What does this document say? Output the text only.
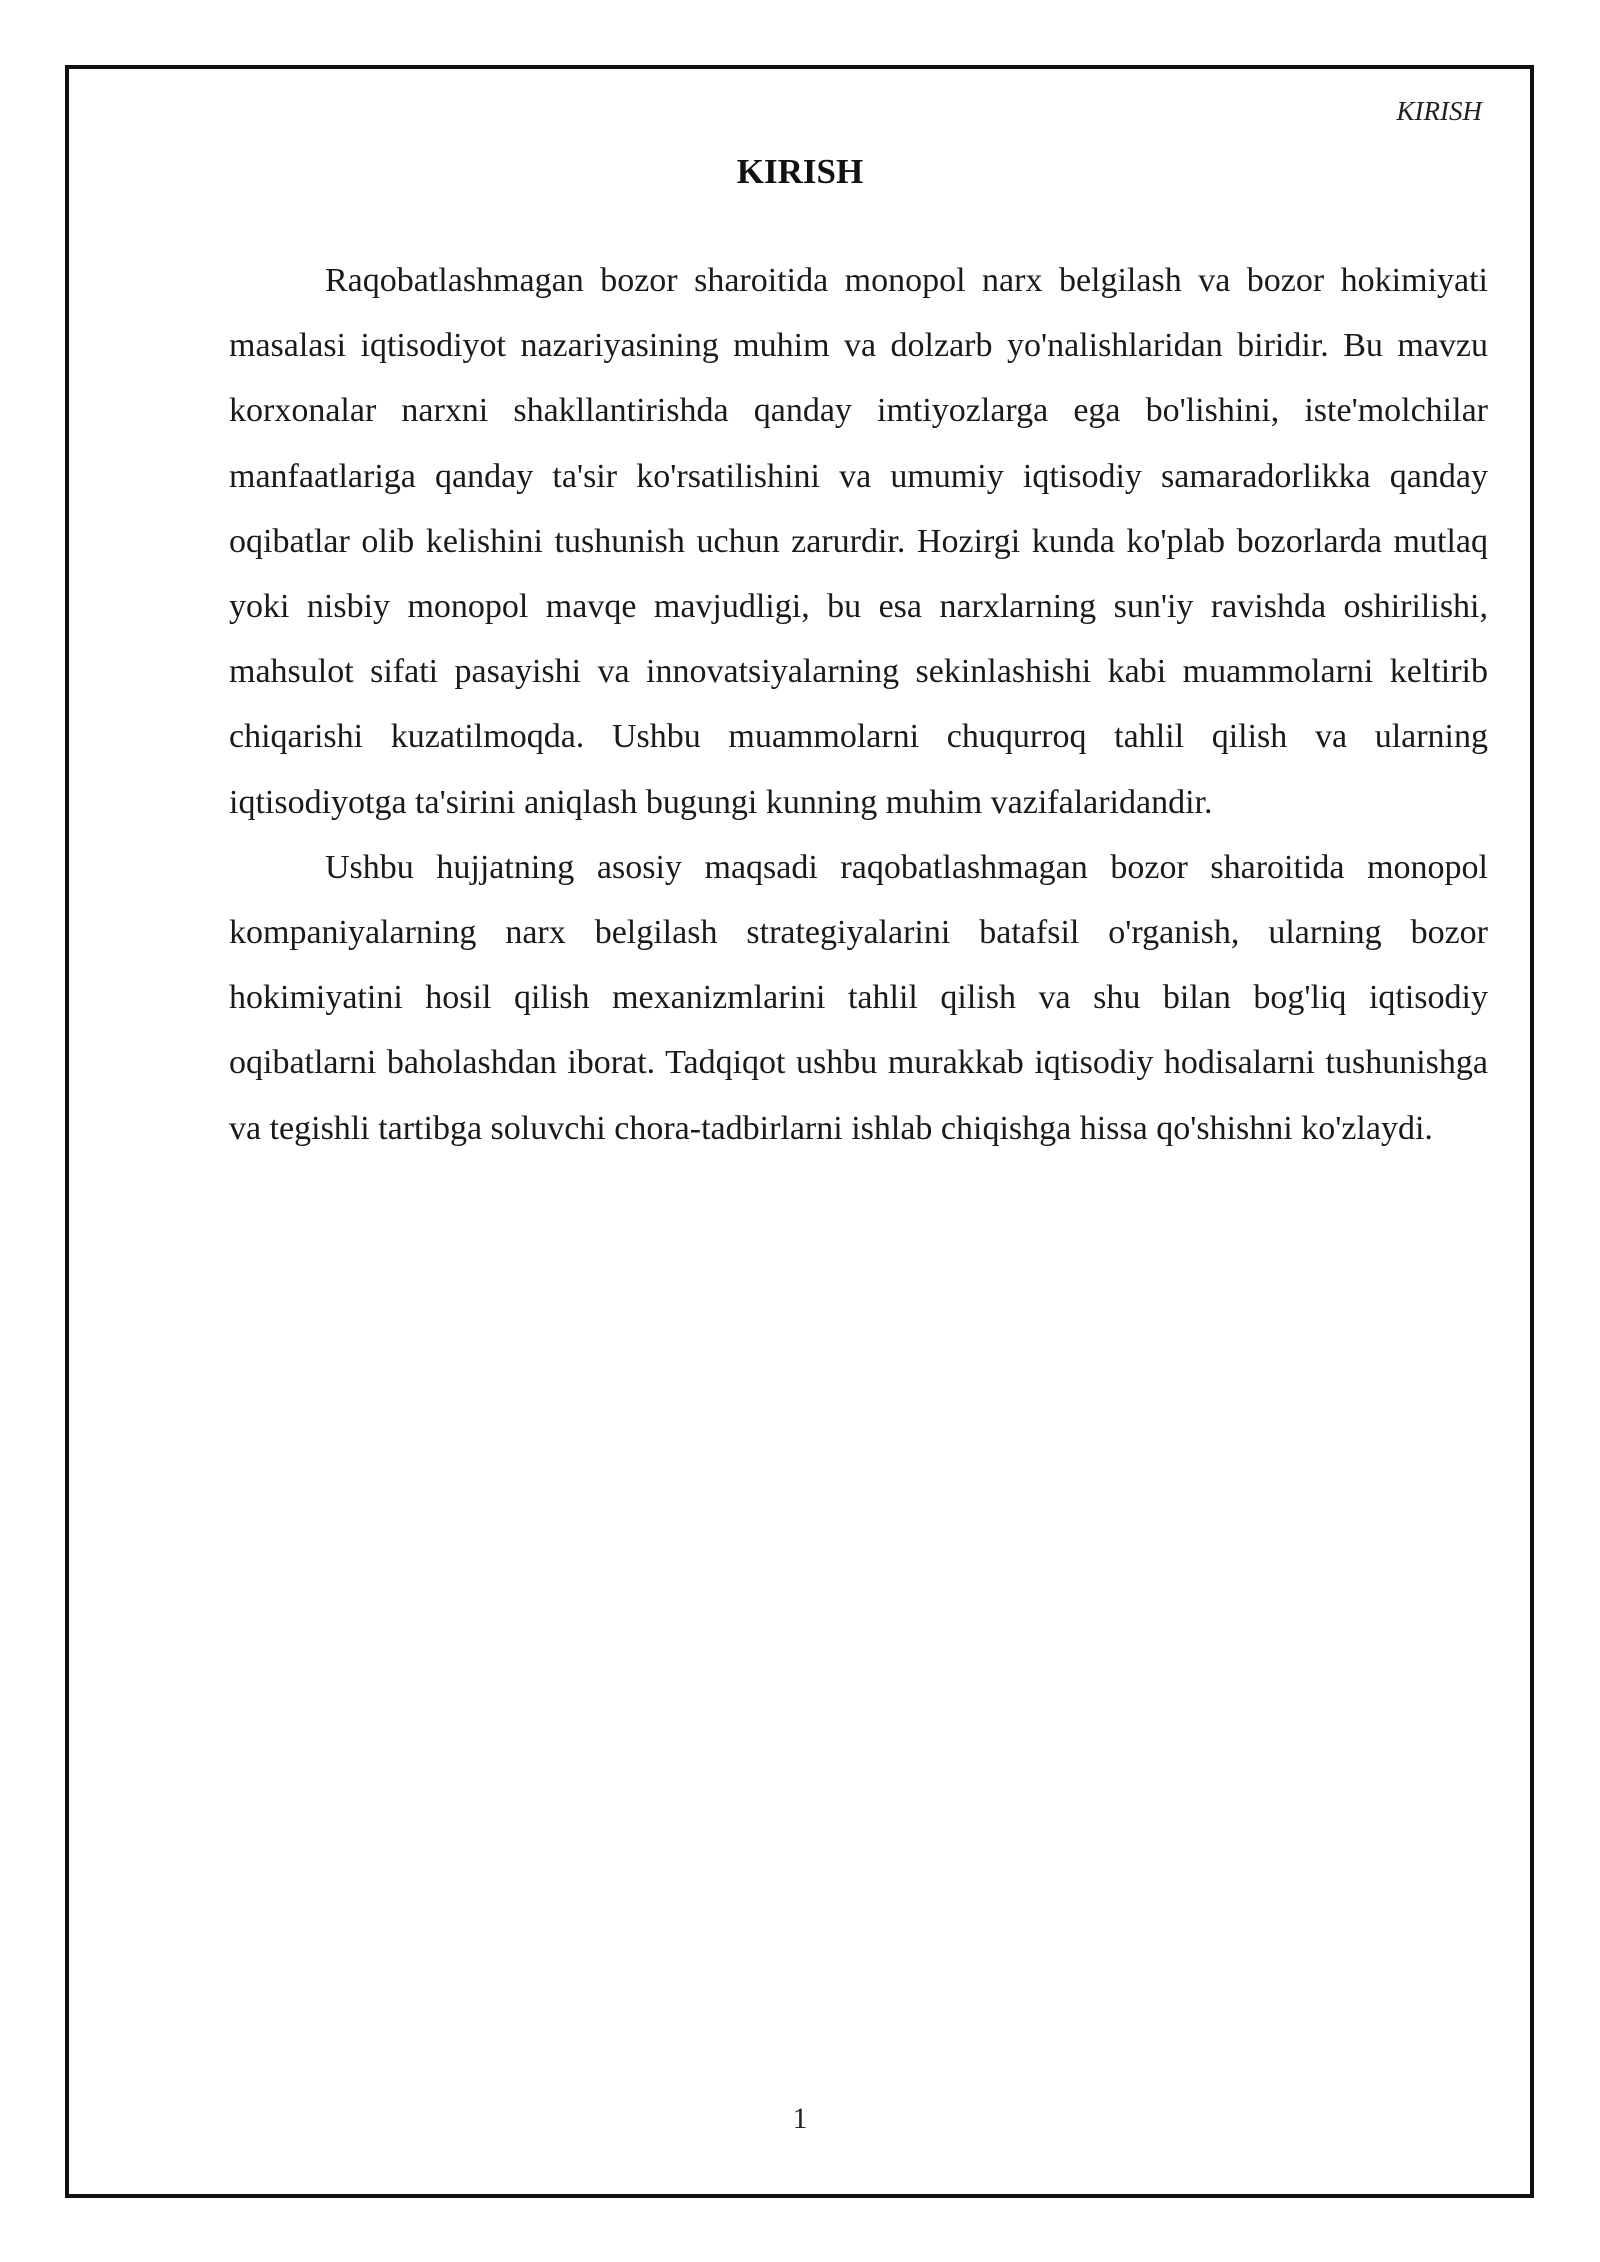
KIRISH
KIRISH

Raqobatlashmagan bozor sharoitida monopol narx belgilash va bozor hokimiyati masalasi iqtisodiyot nazariyasining muhim va dolzarb yo'nalishlaridan biridir. Bu mavzu korxonalar narxni shakllantirishda qanday imtiyozlarga ega bo'lishini, iste'molchilar manfaatlariga qanday ta'sir ko'rsatilishini va umumiy iqtisodiy samaradorlikka qanday oqibatlar olib kelishini tushunish uchun zarurdir. Hozirgi kunda ko'plab bozorlarda mutlaq yoki nisbiy monopol mavqe mavjudligi, bu esa narxlarning sun'iy ravishda oshirilishi, mahsulot sifati pasayishi va innovatsiyalarning sekinlashishi kabi muammolarni keltirib chiqarishi kuzatilmoqda. Ushbu muammolarni chuqurroq tahlil qilish va ularning iqtisodiyotga ta'sirini aniqlash bugungi kunning muhim vazifalaridandir.

Ushbu hujjatning asosiy maqsadi raqobatlashmagan bozor sharoitida monopol kompaniyalarning narx belgilash strategiyalarini batafsil o'rganish, ularning bozor hokimiyatini hosil qilish mexanizmlarini tahlil qilish va shu bilan bog'liq iqtisodiy oqibatlarni baholashdan iborat. Tadqiqot ushbu murakkab iqtisodiy hodisalarni tushunishga va tegishli tartibga soluvchi chora-tadbirlarni ishlab chiqishga hissa qo'shishni ko'zlaydi.

1
